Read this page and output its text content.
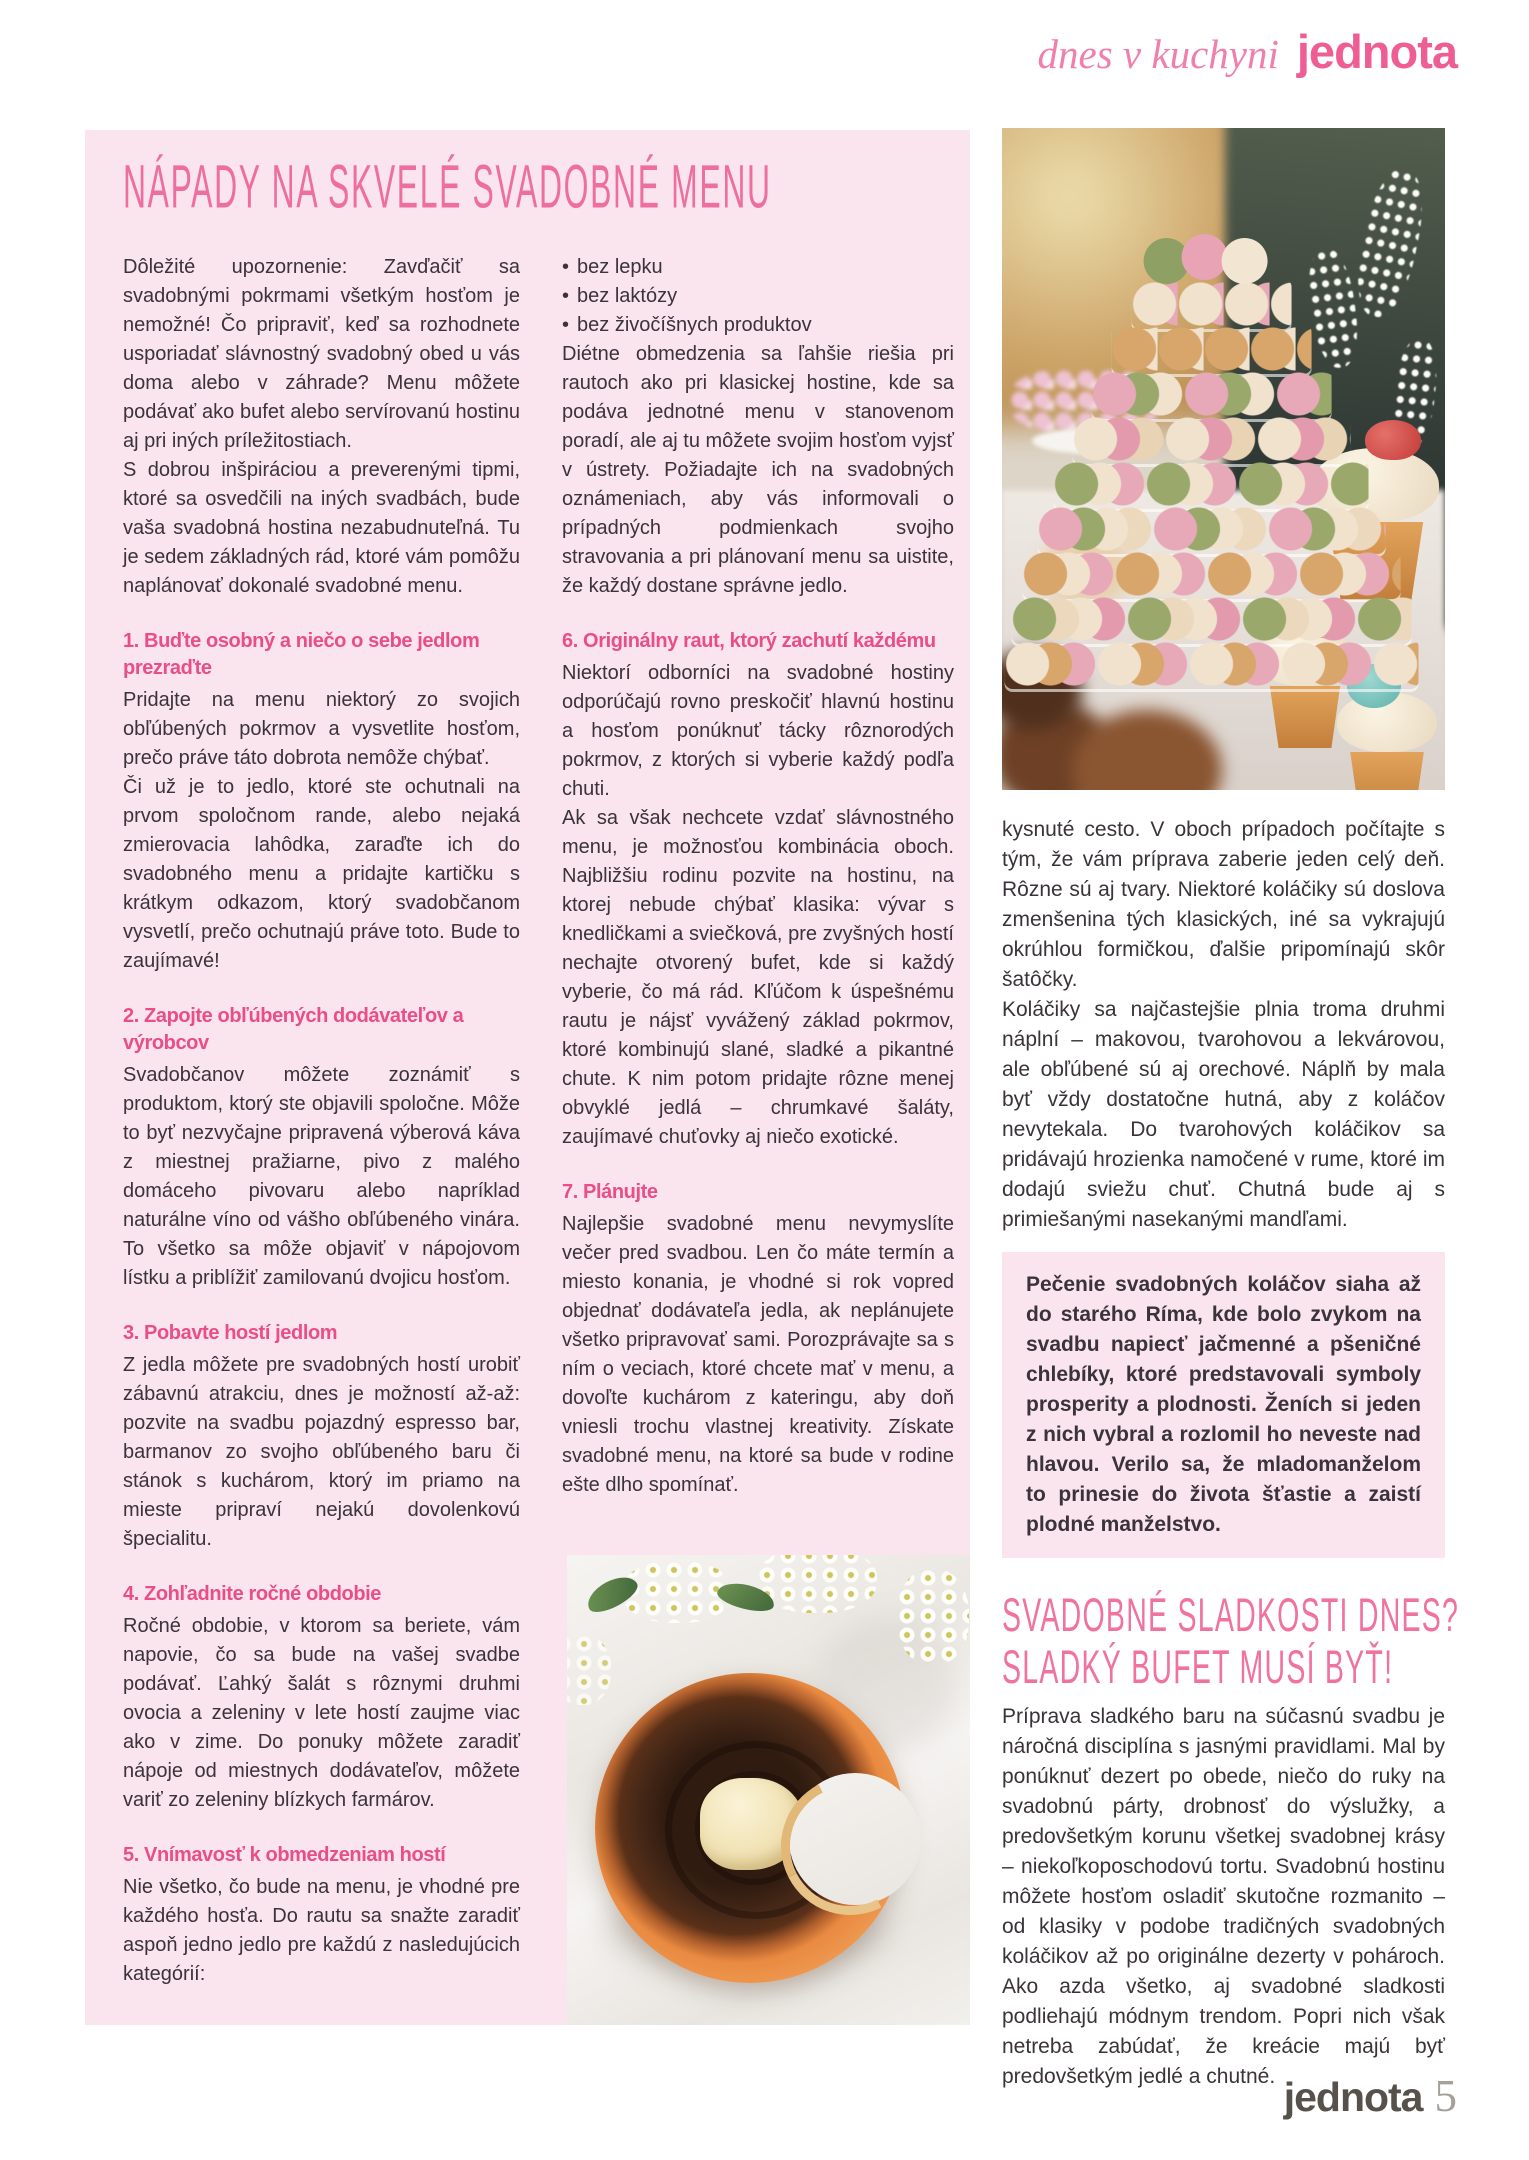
dnes v kuchyni jednota
NÁPADY NA SKVELÉ SVADOBNÉ MENU

Dôležité upozornenie: Zavďačiť sa svadobnými pokrmami všetkým hosťom je nemožné! Čo pripraviť, keď sa rozhodnete usporiadať slávnostný svadobný obed u vás doma alebo v záhrade? Menu môžete podávať ako bufet alebo servírovanú hostinu aj pri iných príležitostiach.

S dobrou inšpiráciou a preverenými tipmi, ktoré sa osvedčili na iných svadbách, bude vaša svadobná hostina nezabudnuteľná. Tu je sedem základných rád, ktoré vám pomôžu naplánovať dokonalé svadobné menu.

1. Buďte osobný a niečo o sebe jedlom prezraďte

Pridajte na menu niektorý zo svojich obľúbených pokrmov a vysvetlite hosťom, prečo práve táto dobrota nemôže chýbať.

Či už je to jedlo, ktoré ste ochutnali na prvom spoločnom rande, alebo nejaká zmierovacia lahôdka, zaraďte ich do svadobného menu a pridajte kartičku s krátkym odkazom, ktorý svadobčanom vysvetlí, prečo ochutnajú práve toto. Bude to zaujímavé!

2. Zapojte obľúbených dodávateľov a výrobcov

Svadobčanov môžete zoznámiť s produktom, ktorý ste objavili spoločne. Môže to byť nezvyčajne pripravená výberová káva z miestnej pražiarne, pivo z malého domáceho pivovaru alebo napríklad naturálne víno od vášho obľúbeného vinára. To všetko sa môže objaviť v nápojovom lístku a priblížiť zamilovanú dvojicu hosťom.

3. Pobavte hostí jedlom

Z jedla môžete pre svadobných hostí urobiť zábavnú atrakciu, dnes je možností až-až: pozvite na svadbu pojazdný espresso bar, barmanov zo svojho obľúbeného baru či stánok s kuchárom, ktorý im priamo na mieste pripraví nejakú dovolenkovú špecialitu.

4. Zohľadnite ročné obdobie

Ročné obdobie, v ktorom sa beriete, vám napovie, čo sa bude na vašej svadbe podávať. Ľahký šalát s rôznymi druhmi ovocia a zeleniny v lete hostí zaujme viac ako v zime. Do ponuky môžete zaradiť nápoje od miestnych dodávateľov, môžete variť zo zeleniny blízkych farmárov.

5. Vnímavosť k obmedzeniam hostí

Nie všetko, čo bude na menu, je vhodné pre každého hosťa. Do rautu sa snažte zaradiť aspoň jedno jedlo pre každú z nasledujúcich kategórií:

• bez lepku
• bez laktózy
• bez živočíšnych produktov

Diétne obmedzenia sa ľahšie riešia pri rautoch ako pri klasickej hostine, kde sa podáva jednotné menu v stanovenom poradí, ale aj tu môžete svojim hosťom vyjsť v ústrety. Požiadajte ich na svadobných oznámeniach, aby vás informovali o prípadných podmienkach svojho stravovania a pri plánovaní menu sa uistite, že každý dostane správne jedlo.

6. Originálny raut, ktorý zachutí každému

Niektorí odborníci na svadobné hostiny odporúčajú rovno preskočiť hlavnú hostinu a hosťom ponúknuť tácky rôznorodých pokrmov, z ktorých si vyberie každý podľa chuti.

Ak sa však nechcete vzdať slávnostného menu, je možnosťou kombinácia oboch. Najbližšiu rodinu pozvite na hostinu, na ktorej nebude chýbať klasika: vývar s knedličkami a sviečková, pre zvyšných hostí nechajte otvorený bufet, kde si každý vyberie, čo má rád. Kľúčom k úspešnému rautu je nájsť vyvážený základ pokrmov, ktoré kombinujú slané, sladké a pikantné chute. K nim potom pridajte rôzne menej obvyklé jedlá – chrumkavé šaláty, zaujímavé chuťovky aj niečo exotické.

7. Plánujte

Najlepšie svadobné menu nevymyslíte večer pred svadbou. Len čo máte termín a miesto konania, je vhodné si rok vopred objednať dodávateľa jedla, ak neplánujete všetko pripravovať sami. Porozprávajte sa s ním o veciach, ktoré chcete mať v menu, a dovoľte kuchárom z kateringu, aby doň vniesli trochu vlastnej kreativity. Získate svadobné menu, na ktoré sa bude v rodine ešte dlho spomínať.

kysnuté cesto. V oboch prípadoch počítajte s tým, že vám príprava zaberie jeden celý deň. Rôzne sú aj tvary. Niektoré koláčiky sú doslova zmenšenina tých klasických, iné sa vykrajujú okrúhlou formičkou, ďalšie pripomínajú skôr šatôčky.

Koláčiky sa najčastejšie plnia troma druhmi náplní – makovou, tvarohovou a lekvárovou, ale obľúbené sú aj orechové. Náplň by mala byť vždy dostatočne hutná, aby z koláčov nevytekala. Do tvarohových koláčikov sa pridávajú hrozienka namočené v rume, ktoré im dodajú sviežu chuť. Chutná bude aj s primiešanými nasekanými mandľami.

Pečenie svadobných koláčov siaha až do starého Ríma, kde bolo zvykom na svadbu napiecť jačmenné a pšeničné chlebíky, ktoré predstavovali symboly prosperity a plodnosti. Ženích si jeden z nich vybral a rozlomil ho neveste nad hlavou. Verilo sa, že mladomanželom to prinesie do života šťastie a zaistí plodné manželstvo.
SVADOBNÉ SLADKOSTI DNES?
SLADKÝ BUFET MUSÍ BYŤ!

Príprava sladkého baru na súčasnú svadbu je náročná disciplína s jasnými pravidlami. Mal by ponúknuť dezert po obede, niečo do ruky na svadobnú párty, drobnosť do výslužky, a predovšetkým korunu všetkej svadobnej krásy – niekoľkoposchodovú tortu. Svadobnú hostinu môžete hosťom osladiť skutočne rozmanito – od klasiky v podobe tradičných svadobných koláčikov až po originálne dezerty v pohároch. Ako azda všetko, aj svadobné sladkosti podliehajú módnym trendom. Popri nich však netreba zabúdať, že kreácie majú byť predovšetkým jedlé a chutné. jednota 5
